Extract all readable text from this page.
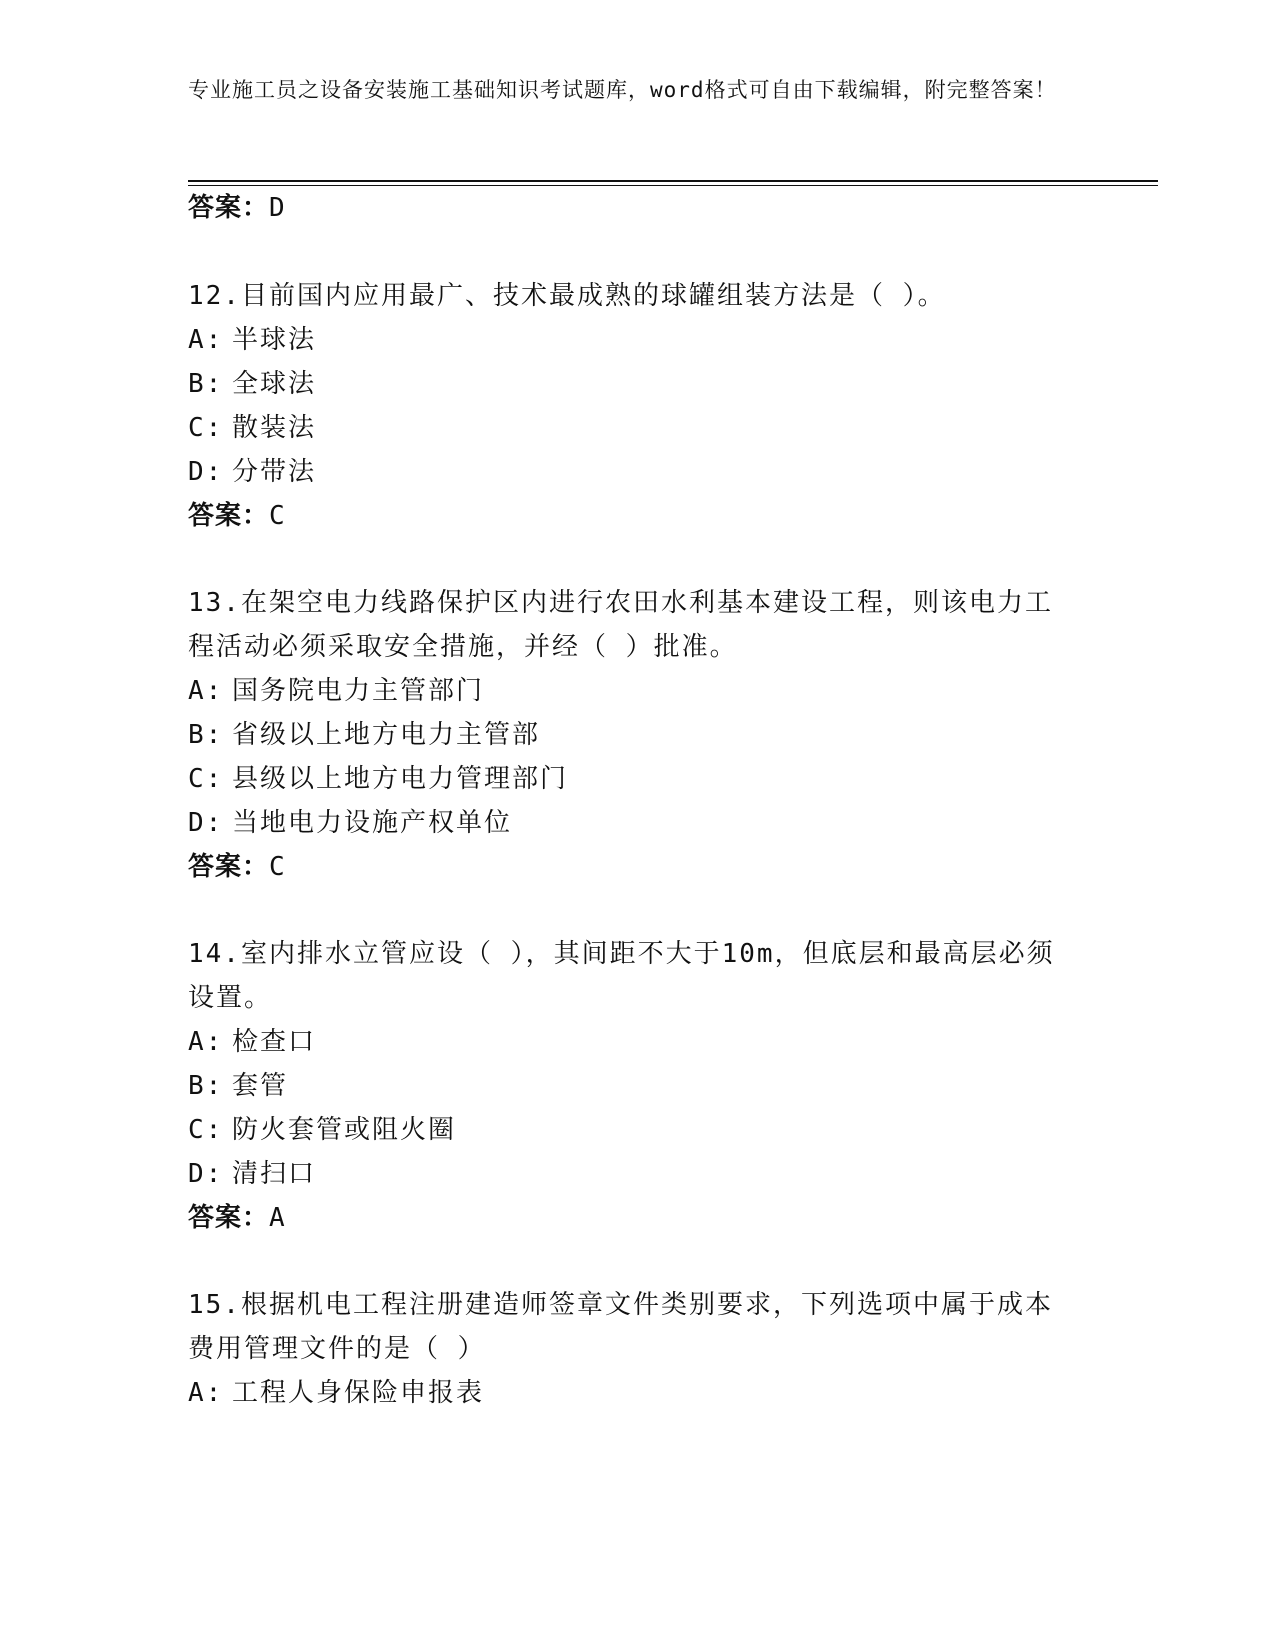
专业施工员之设备安装施工基础知识考试题库，word格式可自由下载编辑，附完整答案！
答案：D
12.目前国内应用最广、技术最成熟的球罐组装方法是（ ）。
A: 半球法
B: 全球法
C: 散装法
D: 分带法
答案：C
13.在架空电力线路保护区内进行农田水利基本建设工程，则该电力工
程活动必须采取安全措施，并经（ ）批准。
A: 国务院电力主管部门
B: 省级以上地方电力主管部
C: 县级以上地方电力管理部门
D: 当地电力设施产权单位
答案：C
14.室内排水立管应设（ ），其间距不大于10m，但底层和最高层必须
设置。
A: 检查口
B: 套管
C: 防火套管或阻火圈
D: 清扫口
答案：A
15.根据机电工程注册建造师签章文件类别要求，下列选项中属于成本
费用管理文件的是（ ）
A: 工程人身保险申报表
